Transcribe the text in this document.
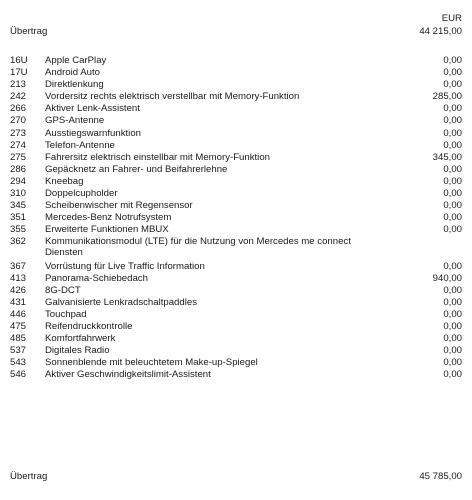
EUR
Übertrag	44 215,00
16U	Apple CarPlay	0,00
17U	Android Auto	0,00
213	Direktlenkung	0,00
242	Vordersitz rechts elektrisch verstellbar mit Memory-Funktion	285,00
266	Aktiver Lenk-Assistent	0,00
270	GPS-Antenne	0,00
273	Ausstiegswarnfunktion	0,00
274	Telefon-Antenne	0,00
275	Fahrersitz elektrisch einstellbar mit Memory-Funktion	345,00
286	Gepäcknetz an Fahrer- und Beifahrerlehne	0,00
294	Kneebag	0,00
310	Doppelcupholder	0,00
345	Scheibenwischer mit Regensensor	0,00
351	Mercedes-Benz Notrufsystem	0,00
355	Erweiterte Funktionen MBUX	0,00
362	Kommunikationsmodul (LTE) für die Nutzung von Mercedes me connect
Diensten
367	Vorrüstung für Live Traffic Information	0,00
413	Panorama-Schiebedach	940,00
426	8G-DCT	0,00
431	Galvanisierte Lenkradschaltpaddles	0,00
446	Touchpad	0,00
475	Reifendruckkontrolle	0,00
485	Komfortfahrwerk	0,00
537	Digitales Radio	0,00
543	Sonnenblende mit beleuchtetem Make-up-Spiegel	0,00
546	Aktiver Geschwindigkeitslimit-Assistent	0,00
Übertrag	45 785,00
